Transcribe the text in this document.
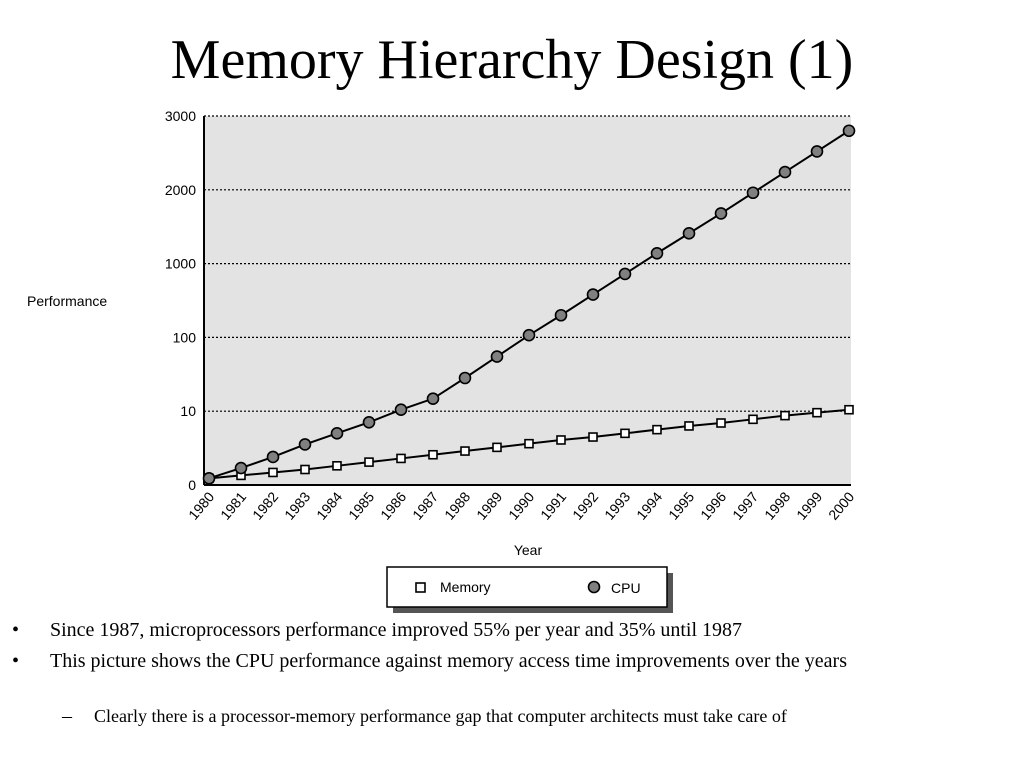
Memory Hierarchy Design (1)
0
10
100
1000
2000
3000
1980 1981 1982 1983 1984 1985 1986 1987 1988 1989 1990 1991 1992 1993 1994 1995 1996 1997 1998 1999 2000
Performance
Year
Memory	CPU
• Since 1987, microprocessors performance improved 55% per year and 35% until 1987
• This picture shows the CPU performance against memory access time improvements over the years
– Clearly there is a processor-memory performance gap that computer architects must take care of
